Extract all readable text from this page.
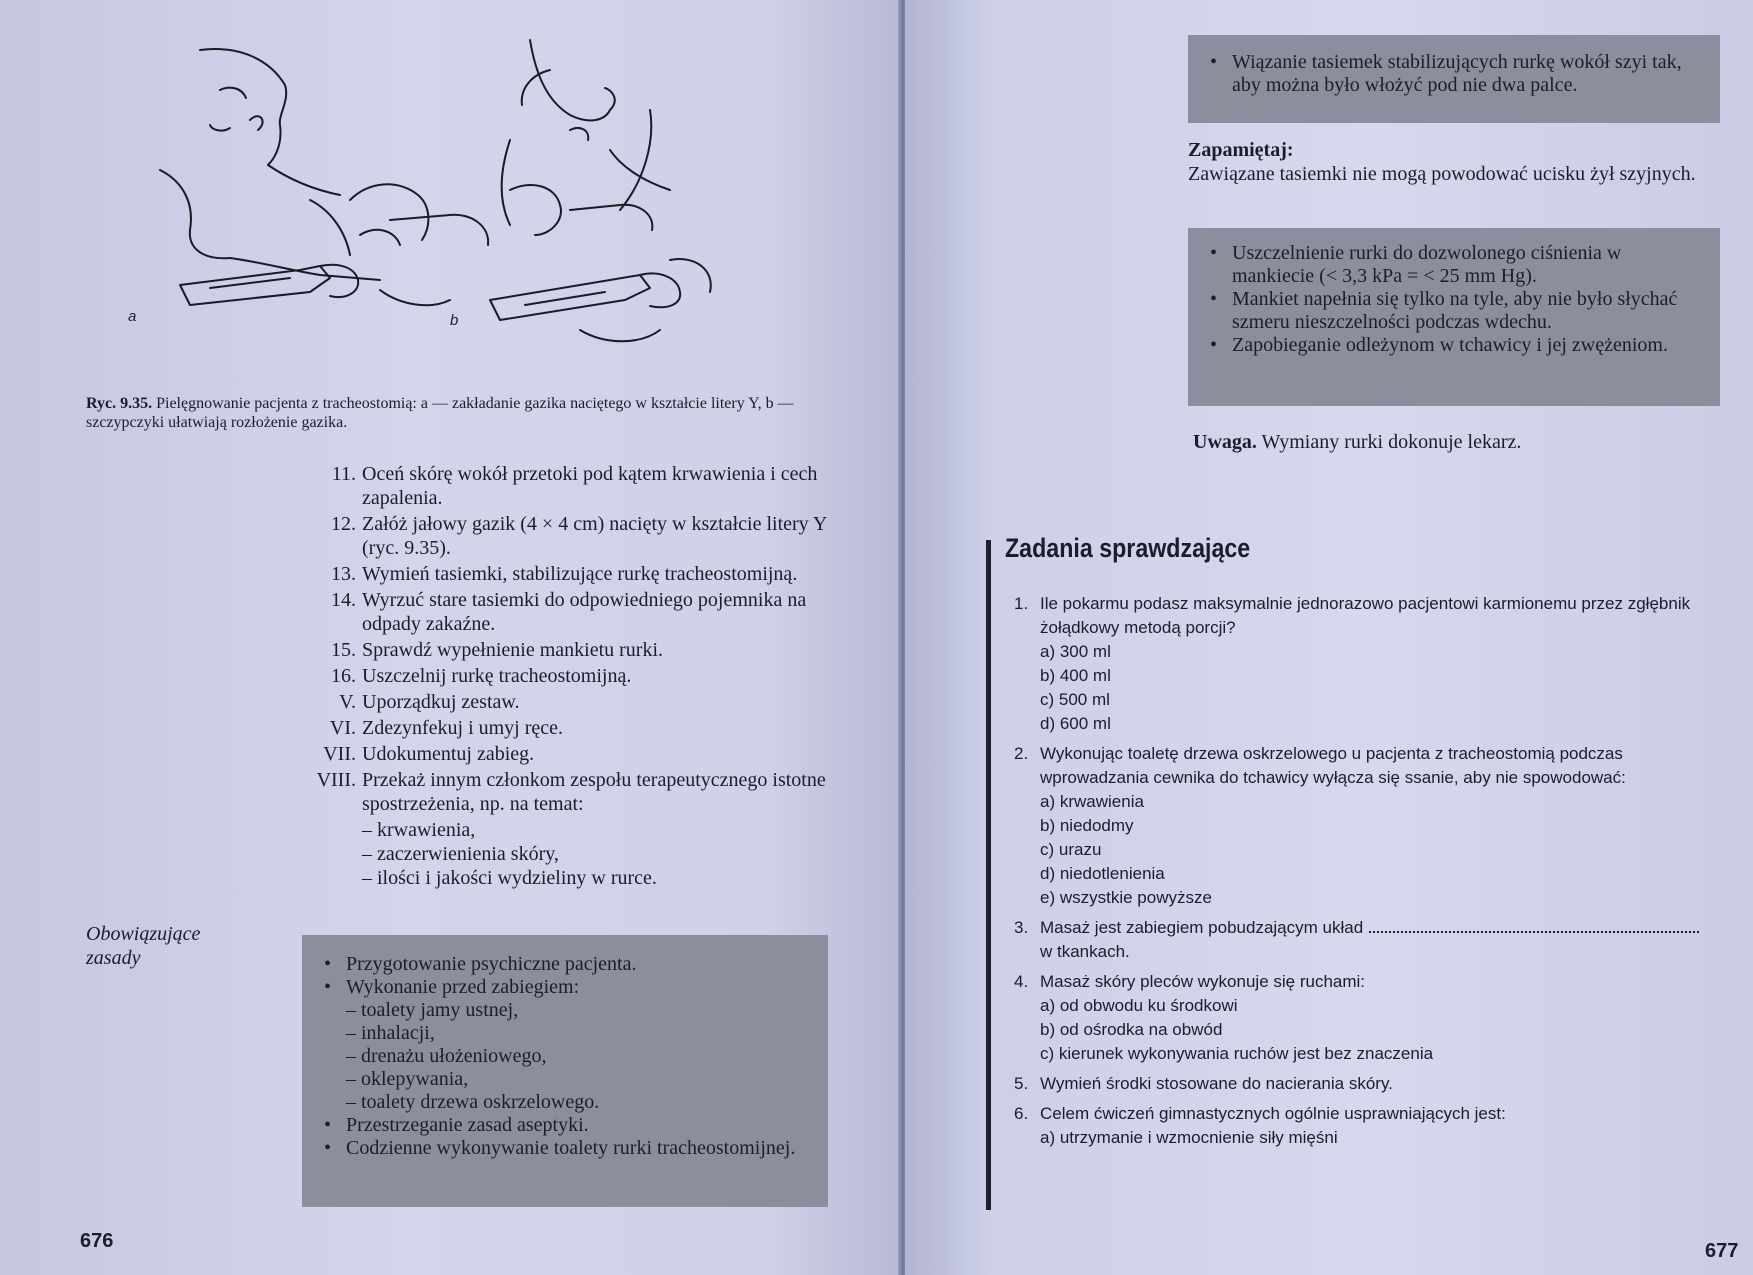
a	b
Ryc. 9.35. Pielęgnowanie pacjenta z tracheostomią: a — zakładanie gazika naciętego w kształcie litery Y, b — szczypczyki ułatwiają rozłożenie gazika.
11. Oceń skórę wokół przetoki pod kątem krwawienia i cech zapalenia.
12. Załóż jałowy gazik (4 × 4 cm) nacięty w kształcie litery Y (ryc. 9.35).
13. Wymień tasiemki, stabilizujące rurkę tracheostomijną.
14. Wyrzuć stare tasiemki do odpowiedniego pojemnika na odpady zakaźne.
15. Sprawdź wypełnienie mankietu rurki.
16. Uszczelnij rurkę tracheostomijną.
V. Uporządkuj zestaw.
VI. Zdezynfekuj i umyj ręce.
VII. Udokumentuj zabieg.
VIII. Przekaż innym członkom zespołu terapeutycznego istotne spostrzeżenia, np. na temat:
– krwawienia,
– zaczerwienienia skóry,
– ilości i jakości wydzieliny w rurce.
Obowiązujące zasady	• Przygotowanie psychiczne pacjenta.
• Wykonanie przed zabiegiem:
– toalety jamy ustnej,
– inhalacji,
– drenażu ułożeniowego,
– oklepywania,
– toalety drzewa oskrzelowego.
• Przestrzeganie zasad aseptyki.
• Codzienne wykonywanie toalety rurki tracheostomijnej.
676
• Wiązanie tasiemek stabilizujących rurkę wokół szyi tak, aby można było włożyć pod nie dwa palce.
Zapamiętaj:
Zawiązane tasiemki nie mogą powodować ucisku żył szyjnych.
• Uszczelnienie rurki do dozwolonego ciśnienia w mankiecie (< 3,3 kPa = < 25 mm Hg).
• Mankiet napełnia się tylko na tyle, aby nie było słychać szmeru nieszczelności podczas wdechu.
• Zapobieganie odleżynom w tchawicy i jej zwężeniom.
Uwaga. Wymiany rurki dokonuje lekarz.
Zadania sprawdzające
1. Ile pokarmu podasz maksymalnie jednorazowo pacjentowi karmionemu przez zgłębnik żołądkowy metodą porcji?
a) 300 ml
b) 400 ml
c) 500 ml
d) 600 ml
2. Wykonując toaletę drzewa oskrzelowego u pacjenta z tracheostomią podczas wprowadzania cewnika do tchawicy wyłącza się ssanie, aby nie spowodować:
a) krwawienia
b) niedodmy
c) urazu
d) niedotlenienia
e) wszystkie powyższe
3. Masaż jest zabiegiem pobudzającym układ
w tkankach.
4. Masaż skóry pleców wykonuje się ruchami:
a) od obwodu ku środkowi
b) od ośrodka na obwód
c) kierunek wykonywania ruchów jest bez znaczenia
5. Wymień środki stosowane do nacierania skóry.
6. Celem ćwiczeń gimnastycznych ogólnie usprawniających jest:
a) utrzymanie i wzmocnienie siły mięśni
677
